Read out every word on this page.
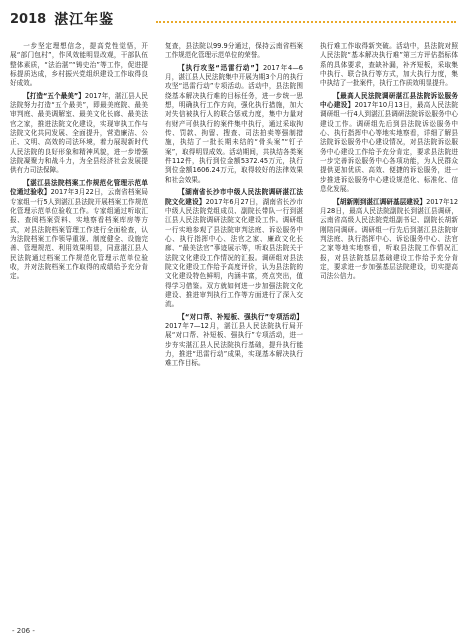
2018 湛江年鉴

一步坚定理想信念，提高党性觉悟，开展“部门包村”，作风效能明显改观，干部队伍整体素质，“法治湛”“铸史治”等工作，促进提标提质达成，乡村振兴党组织建设工作取得良好成效。

【打造“五个最美”】2017年，湛江县人民法院努力打造“五个最美”，即最美庭院、最美审判庭、最美调解室、最美文化长廊、最美法官之家，推进法院文化建设，实现审执工作与法院文化共同发展、全面提升，营造廉洁、公正、文明、高效的司法环境，着力展现新时代人民法院的良好形象和精神风貌，进一步增强法院凝聚力和战斗力，为全县经济社会发展提供有力司法保障。

【湛江县法院档案工作规范化管理示范单位通过验收】2017年3月22日，云南省档案局专家组一行5人到湛江县法院开展档案工作规范化管理示范单位验收工作。专家组通过听取汇报、查阅档案资料、实地察看档案库房等方式，对县法院档案管理工作进行全面检查，认为法院档案工作领导重视、制度健全、设施完善、管理规范、利用效果明显，同意湛江县人民法院通过档案工作规范化管理示范单位验收，并对法院档案工作取得的成绩给予充分肯定。

复查，县法院以99.9分通过，保持云南省档案工作规范化管理示范单位的荣誉。

【执行攻坚“迅雷行动”】2017年4—6月，湛江县人民法院集中开展为期3个月的执行攻坚“迅雷行动”专项活动。活动中，县法院围绕基本解决执行难的目标任务，进一步统一思想，明确执行工作方向，强化执行措施，加大对失信被执行人的联合惩戒力度，集中力量对有财产可供执行的案件集中执行，通过采取拘传、罚款、拘留、搜查、司法拍卖等强制措施，执结了一批长期未结的“骨头案”“钉子案”，取得明显成效。活动期间，共执结各类案件112件，执行到位金额5372.45万元，执行到位金额1606.24万元，取得较好的法律效果和社会效果。

【湖南省长沙市中级人民法院调研湛江法院文化建设】2017年6月27日，湖南省长沙市中级人民法院党组成员、副院长带队一行到湛江县人民法院调研法院文化建设工作。调研组一行实地参观了县法院审判法庭、诉讼服务中心、执行指挥中心、法官之家、廉政文化长廊、“最美法官”事迹展示等，听取县法院关于法院文化建设工作情况的汇报。调研组对县法院文化建设工作给予高度评价，认为县法院的文化建设特色鲜明，内涵丰富，亮点突出，值得学习借鉴。双方就如何进一步加强法院文化建设、推进审判执行工作等方面进行了深入交流。

【“对口帮、补短板、强执行”专项活动】2017年7—12月，湛江县人民法院执行局开展“对口帮、补短板、强执行”专项活动，进一步夯实湛江县人民法院执行基础，提升执行能力，推进“迅雷行动”成果，实现基本解决执行难工作目标。

执行难工作取得新突破。活动中，县法院对照人民法院“基本解决执行难”第三方评估指标体系的具体要求，查缺补漏，补齐短板，采取集中执行、联合执行等方式，加大执行力度，集中执结了一批案件，执行工作质效明显提升。

【最高人民法院调研湛江县法院诉讼服务中心建设】2017年10月13日，最高人民法院调研组一行4人到湛江县调研法院诉讼服务中心建设工作。调研组先后到县法院诉讼服务中心、执行指挥中心等地实地察看，详细了解县法院诉讼服务中心建设情况，对县法院诉讼服务中心建设工作给予充分肯定，要求县法院进一步完善诉讼服务中心各项功能，为人民群众提供更加优质、高效、便捷的诉讼服务，进一步推进诉讼服务中心建设规范化、标准化、信息化发展。

【胡新刚到湛江调研基层建设】2017年12月28日，最高人民法院副院长到湛江县调研，云南省高级人民法院党组副书记、副院长胡新刚陪同调研。调研组一行先后到湛江县法院审判法庭、执行指挥中心、诉讼服务中心、法官之家等地实地察看，听取县法院工作情况汇报，对县法院基层基础建设工作给予充分肯定，要求进一步加强基层法院建设，切实提高司法公信力。

- 206 -
